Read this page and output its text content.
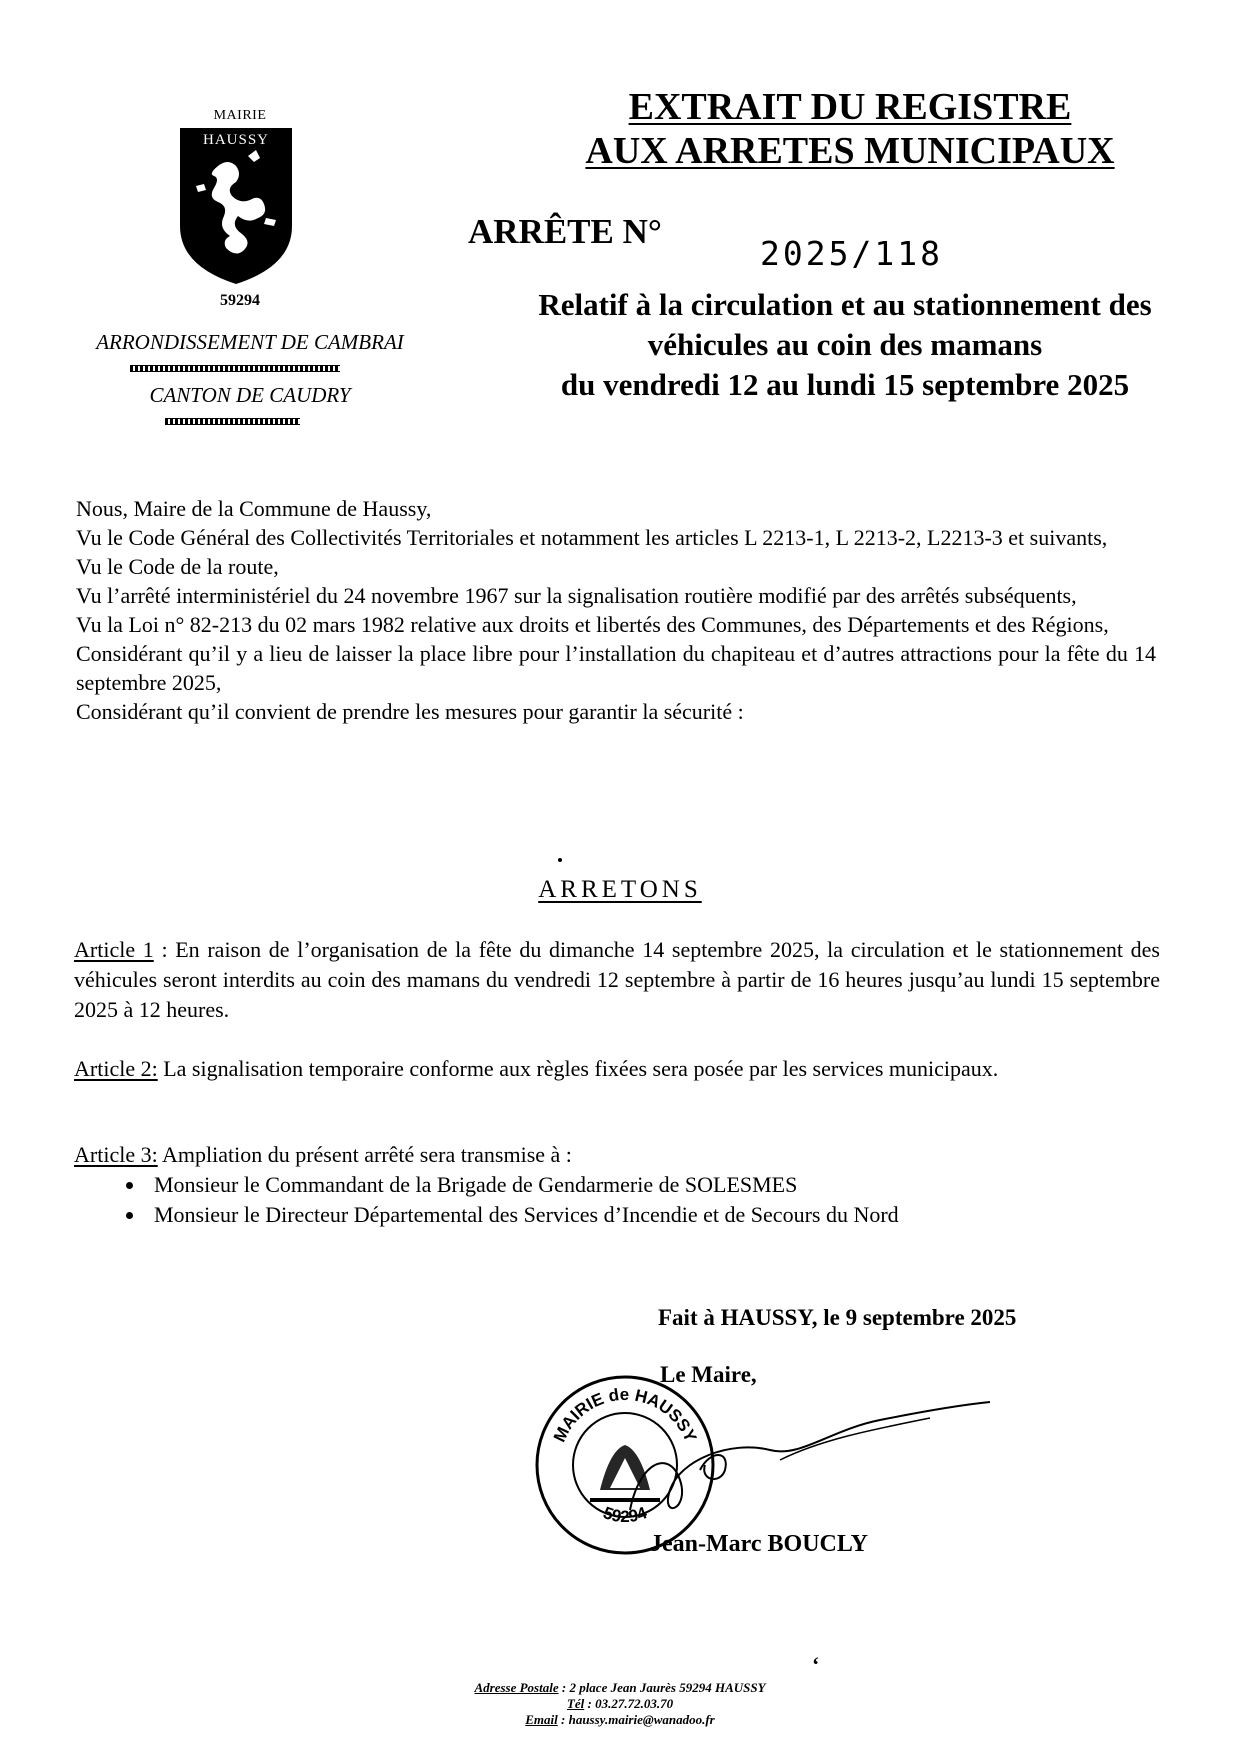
MAIRIE
HAUSSY
59294
ARRONDISSEMENT DE CAMBRAI
CANTON DE CAUDRY
EXTRAIT DU REGISTRE
AUX ARRETES MUNICIPAUX
ARRÊTE N°
2025/118
Relatif à la circulation et au stationnement des
véhicules au coin des mamans
du vendredi 12 au lundi 15 septembre 2025

Nous, Maire de la Commune de Haussy,

Vu le Code Général des Collectivités Territoriales et notamment les articles L 2213-1, L 2213-2, L2213-3 et suivants,

Vu le Code de la route,

Vu l’arrêté interministériel du 24 novembre 1967 sur la signalisation routière modifié par des arrêtés subséquents,

Vu la Loi n° 82-213 du 02 mars 1982 relative aux droits et libertés des Communes, des Départements et des Régions,

Considérant qu’il y a lieu de laisser la place libre pour l’installation du chapiteau et d’autres attractions pour la fête du 14 septembre 2025,

Considérant qu’il convient de prendre les mesures pour garantir la sécurité :

ARRETONS

Article 1 : En raison de l’organisation de la fête du dimanche 14 septembre 2025, la circulation et le stationnement des véhicules seront interdits au coin des mamans du vendredi 12 septembre à partir de 16 heures jusqu’au lundi 15 septembre 2025 à 12 heures.

Article 2: La signalisation temporaire conforme aux règles fixées sera posée par les services municipaux.

Article 3: Ampliation du présent arrêté sera transmise à :

• Monsieur le Commandant de la Brigade de Gendarmerie de SOLESMES
• Monsieur le Directeur Départemental des Services d’Incendie et de Secours du Nord
Fait à HAUSSY, le 9 septembre 2025
MAIRIE de HAUSSY
59294
Le Maire,
Jean-Marc BOUCLY
‘
Adresse Postale : 2 place Jean Jaurès 59294 HAUSSY
Tél : 03.27.72.03.70
Email : haussy.mairie@wanadoo.fr
